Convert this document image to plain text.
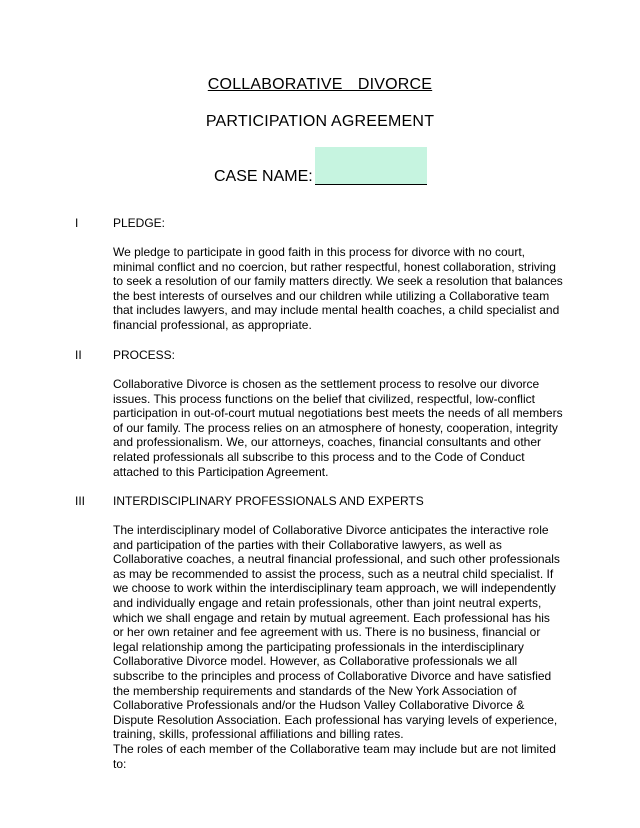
COLLABORATIVE  DIVORCE
PARTICIPATION AGREEMENT
CASE NAME:
I	PLEDGE:

We pledge to participate in good faith in this process for divorce with no court, minimal conflict and no coercion, but rather respectful, honest collaboration, striving to seek a resolution of our family matters directly. We seek a resolution that balances the best interests of ourselves and our children while utilizing a Collaborative team that includes lawyers, and may include mental health coaches, a child specialist and financial professional, as appropriate.

II	PROCESS:

Collaborative Divorce is chosen as the settlement process to resolve our divorce issues. This process functions on the belief that civilized, respectful, low-conflict participation in out-of-court mutual negotiations best meets the needs of all members of our family. The process relies on an atmosphere of honesty, cooperation, integrity and professionalism. We, our attorneys, coaches, financial consultants and other related professionals all subscribe to this process and to the Code of Conduct attached to this Participation Agreement.

III INTERDISCIPLINARY PROFESSIONALS AND EXPERTS

The interdisciplinary model of Collaborative Divorce anticipates the interactive role and participation of the parties with their Collaborative lawyers, as well as Collaborative coaches, a neutral financial professional, and such other professionals as may be recommended to assist the process, such as a neutral child specialist. If we choose to work within the interdisciplinary team approach, we will independently and individually engage and retain professionals, other than joint neutral experts, which we shall engage and retain by mutual agreement. Each professional has his or her own retainer and fee agreement with us. There is no business, financial or legal relationship among the participating professionals in the interdisciplinary Collaborative Divorce model. However, as Collaborative professionals we all subscribe to the principles and process of Collaborative Divorce and have satisfied the membership requirements and standards of the New York Association of Collaborative Professionals and/or the Hudson Valley Collaborative Divorce & Dispute Resolution Association. Each professional has varying levels of experience, training, skills, professional affiliations and billing rates.

The roles of each member of the Collaborative team may include but are not limited to:
